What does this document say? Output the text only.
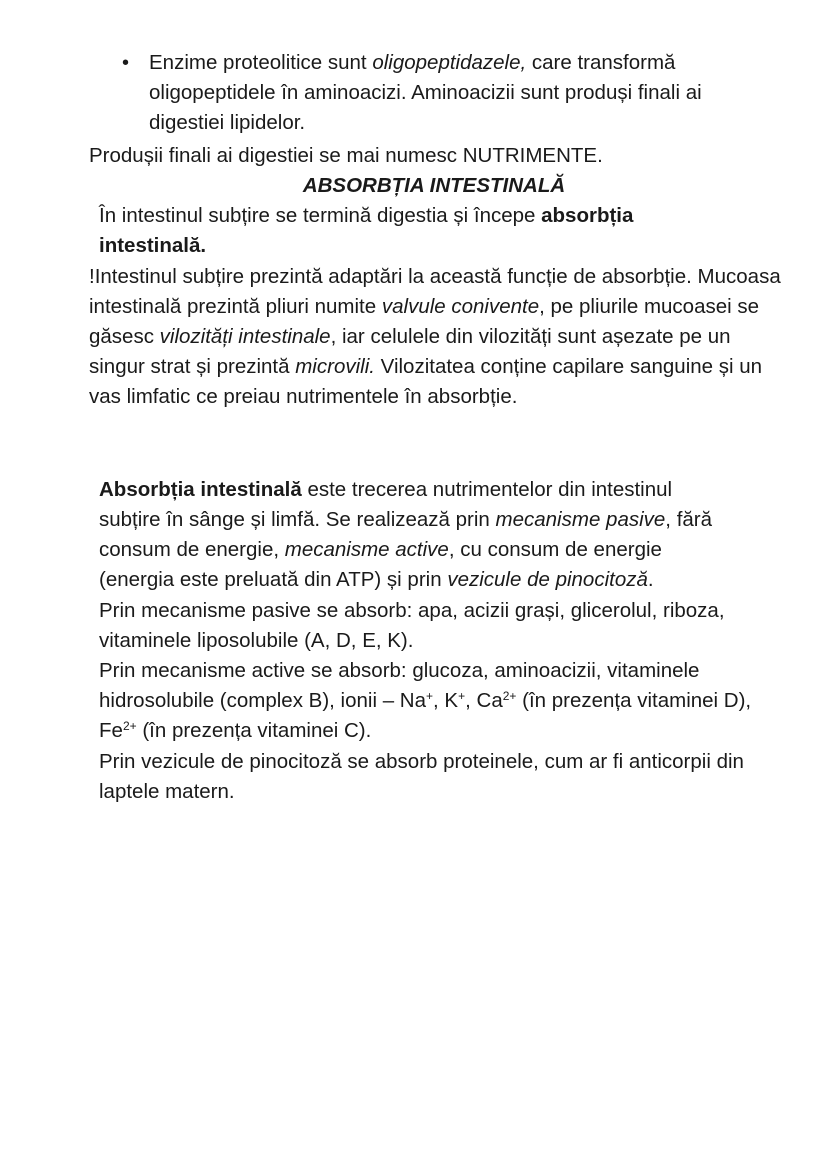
• Enzime proteolitice sunt oligopeptidazele, care transformă oligopeptidele în aminoacizi. Aminoacizii sunt produși finali ai digestiei lipidelor.

Produșii finali ai digestiei se mai numesc NUTRIMENTE.

ABSORBȚIA INTESTINALĂ

În intestinul subțire se termină digestia și începe absorbția intestinală.

!Intestinul subțire prezintă adaptări la această funcție de absorbție. Mucoasa intestinală prezintă pliuri numite valvule conivente, pe pliurile mucoasei se găsesc vilozități intestinale, iar celulele din vilozități sunt așezate pe un singur strat și prezintă microvili. Vilozitatea conține capilare sanguine și un vas limfatic ce preiau nutrimentele în absorbție.

Absorbția intestinală este trecerea nutrimentelor din intestinul subțire în sânge și limfă. Se realizează prin mecanisme pasive, fără consum de energie, mecanisme active, cu consum de energie (energia este preluată din ATP) și prin vezicule de pinocitoză.

Prin mecanisme pasive se absorb: apa, acizii grași, glicerolul, riboza, vitaminele liposolubile (A, D, E, K).

Prin mecanisme active se absorb: glucoza, aminoacizii, vitaminele hidrosolubile (complex B), ionii – Na+, K+, $Ca^{2+}$ (în prezența vitaminei D), $Fe^{2+}$ (în prezența vitaminei C).

Prin vezicule de pinocitoză se absorb proteinele, cum ar fi anticorpii din laptele matern.
